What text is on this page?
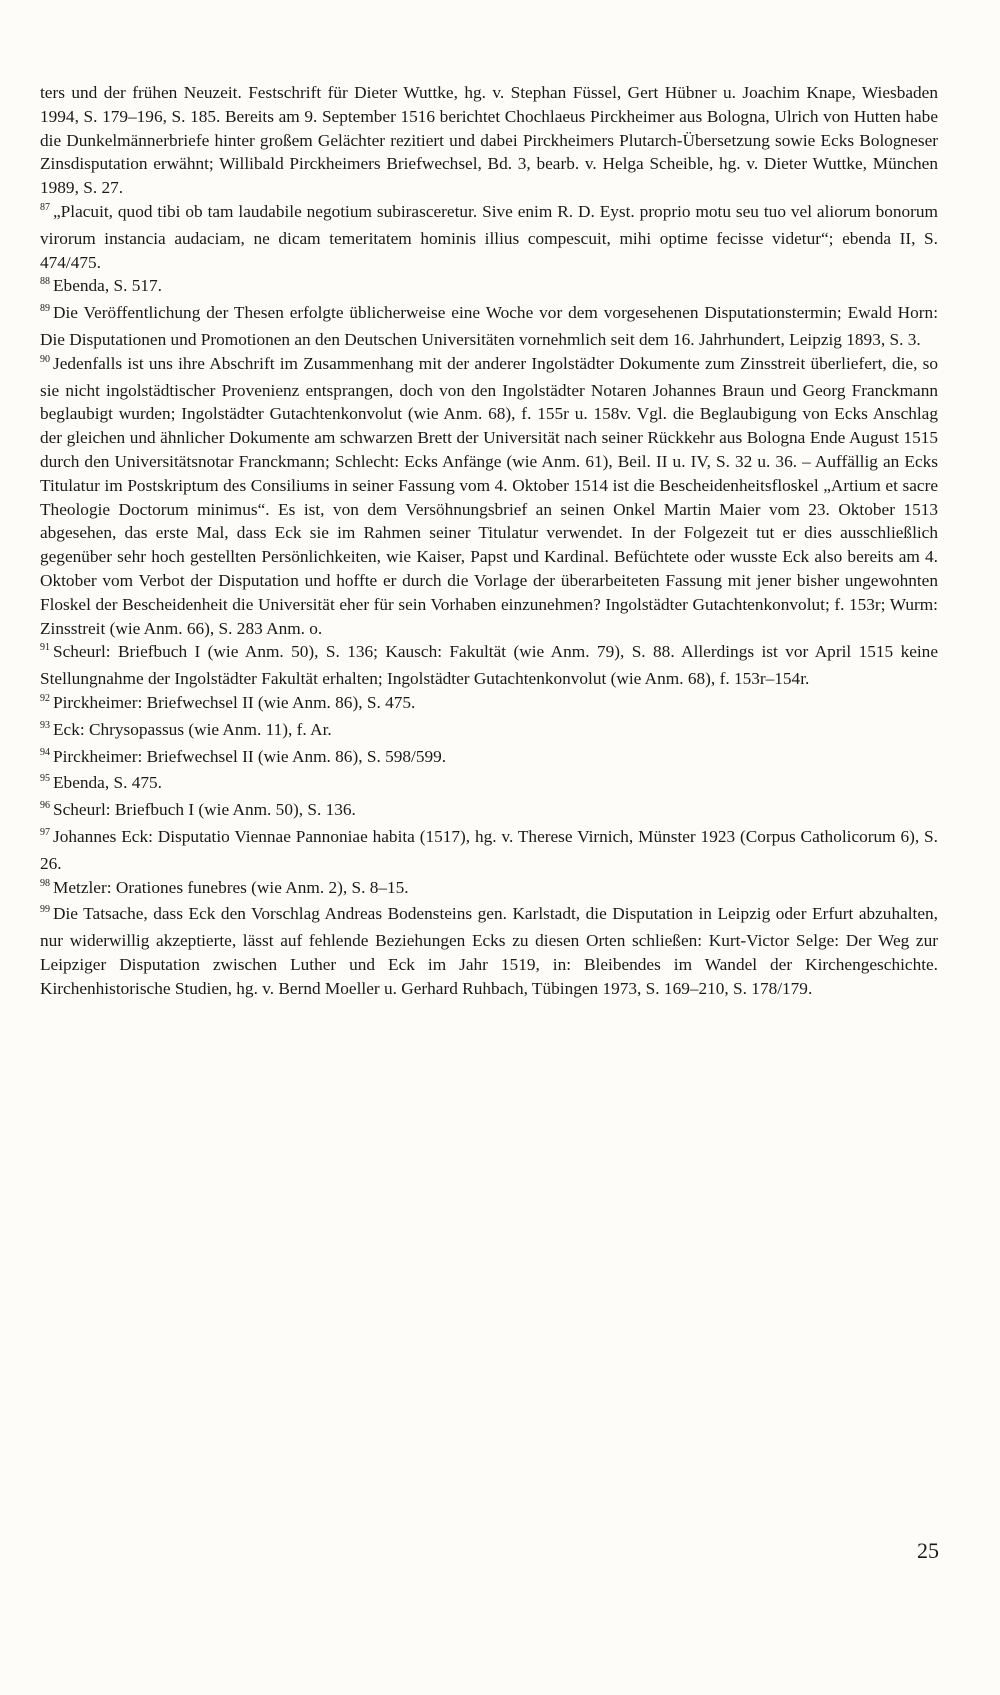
ters und der frühen Neuzeit. Festschrift für Dieter Wuttke, hg. v. Stephan Füssel, Gert Hübner u. Joachim Knape, Wiesbaden 1994, S. 179–196, S. 185. Bereits am 9. September 1516 berichtet Chochlaeus Pirckheimer aus Bologna, Ulrich von Hutten habe die Dunkelmännerbriefe hinter großem Gelächter rezitiert und dabei Pirckheimers Plutarch-Übersetzung sowie Ecks Bologneser Zinsdisputation erwähnt; Willibald Pirckheimers Briefwechsel, Bd. 3, bearb. v. Helga Scheible, hg. v. Dieter Wuttke, München 1989, S. 27.

$^{87}$ „Placuit, quod tibi ob tam laudabile negotium subirasceretur. Sive enim R. D. Eyst. proprio motu seu tuo vel aliorum bonorum virorum instancia audaciam, ne dicam temeritatem hominis illius compescuit, mihi optime fecisse videtur“; ebenda II, S. 474/475.

$^{88}$ Ebenda, S. 517.

$^{89}$ Die Veröffentlichung der Thesen erfolgte üblicherweise eine Woche vor dem vorgesehenen Disputationstermin; Ewald Horn: Die Disputationen und Promotionen an den Deutschen Universitäten vornehmlich seit dem 16. Jahrhundert, Leipzig 1893, S. 3.

$^{90}$ Jedenfalls ist uns ihre Abschrift im Zusammenhang mit der anderer Ingolstädter Dokumente zum Zinsstreit überliefert, die, so sie nicht ingolstädtischer Provenienz entsprangen, doch von den Ingolstädter Notaren Johannes Braun und Georg Franckmann beglaubigt wurden; Ingolstädter Gutachtenkonvolut (wie Anm. 68), f. 155r u. 158v. Vgl. die Beglaubigung von Ecks Anschlag der gleichen und ähnlicher Dokumente am schwarzen Brett der Universität nach seiner Rückkehr aus Bologna Ende August 1515 durch den Universitätsnotar Franckmann; Schlecht: Ecks Anfänge (wie Anm. 61), Beil. II u. IV, S. 32 u. 36. – Auffällig an Ecks Titulatur im Postskriptum des Consiliums in seiner Fassung vom 4. Oktober 1514 ist die Bescheidenheitsfloskel „Artium et sacre Theologie Doctorum minimus“. Es ist, von dem Versöhnungsbrief an seinen Onkel Martin Maier vom 23. Oktober 1513 abgesehen, das erste Mal, dass Eck sie im Rahmen seiner Titulatur verwendet. In der Folgezeit tut er dies ausschließlich gegenüber sehr hoch gestellten Persönlichkeiten, wie Kaiser, Papst und Kardinal. Befüchtete oder wusste Eck also bereits am 4. Oktober vom Verbot der Disputation und hoffte er durch die Vorlage der überarbeiteten Fassung mit jener bisher ungewohnten Floskel der Bescheidenheit die Universität eher für sein Vorhaben einzunehmen? Ingolstädter Gutachtenkonvolut; f. 153r; Wurm: Zinsstreit (wie Anm. 66), S. 283 Anm. o.

$^{91}$ Scheurl: Briefbuch I (wie Anm. 50), S. 136; Kausch: Fakultät (wie Anm. 79), S. 88. Allerdings ist vor April 1515 keine Stellungnahme der Ingolstädter Fakultät erhalten; Ingolstädter Gutachtenkonvolut (wie Anm. 68), f. 153r–154r.

$^{92}$ Pirckheimer: Briefwechsel II (wie Anm. 86), S. 475.

$^{93}$ Eck: Chrysopassus (wie Anm. 11), f. Ar.

$^{94}$ Pirckheimer: Briefwechsel II (wie Anm. 86), S. 598/599.

$^{95}$ Ebenda, S. 475.

$^{96}$ Scheurl: Briefbuch I (wie Anm. 50), S. 136.

$^{97}$ Johannes Eck: Disputatio Viennae Pannoniae habita (1517), hg. v. Therese Virnich, Münster 1923 (Corpus Catholicorum 6), S. 26.

$^{98}$ Metzler: Orationes funebres (wie Anm. 2), S. 8–15.

$^{99}$ Die Tatsache, dass Eck den Vorschlag Andreas Bodensteins gen. Karlstadt, die Disputation in Leipzig oder Erfurt abzuhalten, nur widerwillig akzeptierte, lässt auf fehlende Beziehungen Ecks zu diesen Orten schließen: Kurt-Victor Selge: Der Weg zur Leipziger Disputation zwischen Luther und Eck im Jahr 1519, in: Bleibendes im Wandel der Kirchengeschichte. Kirchenhistorische Studien, hg. v. Bernd Moeller u. Gerhard Ruhbach, Tübingen 1973, S. 169–210, S. 178/179.

25
